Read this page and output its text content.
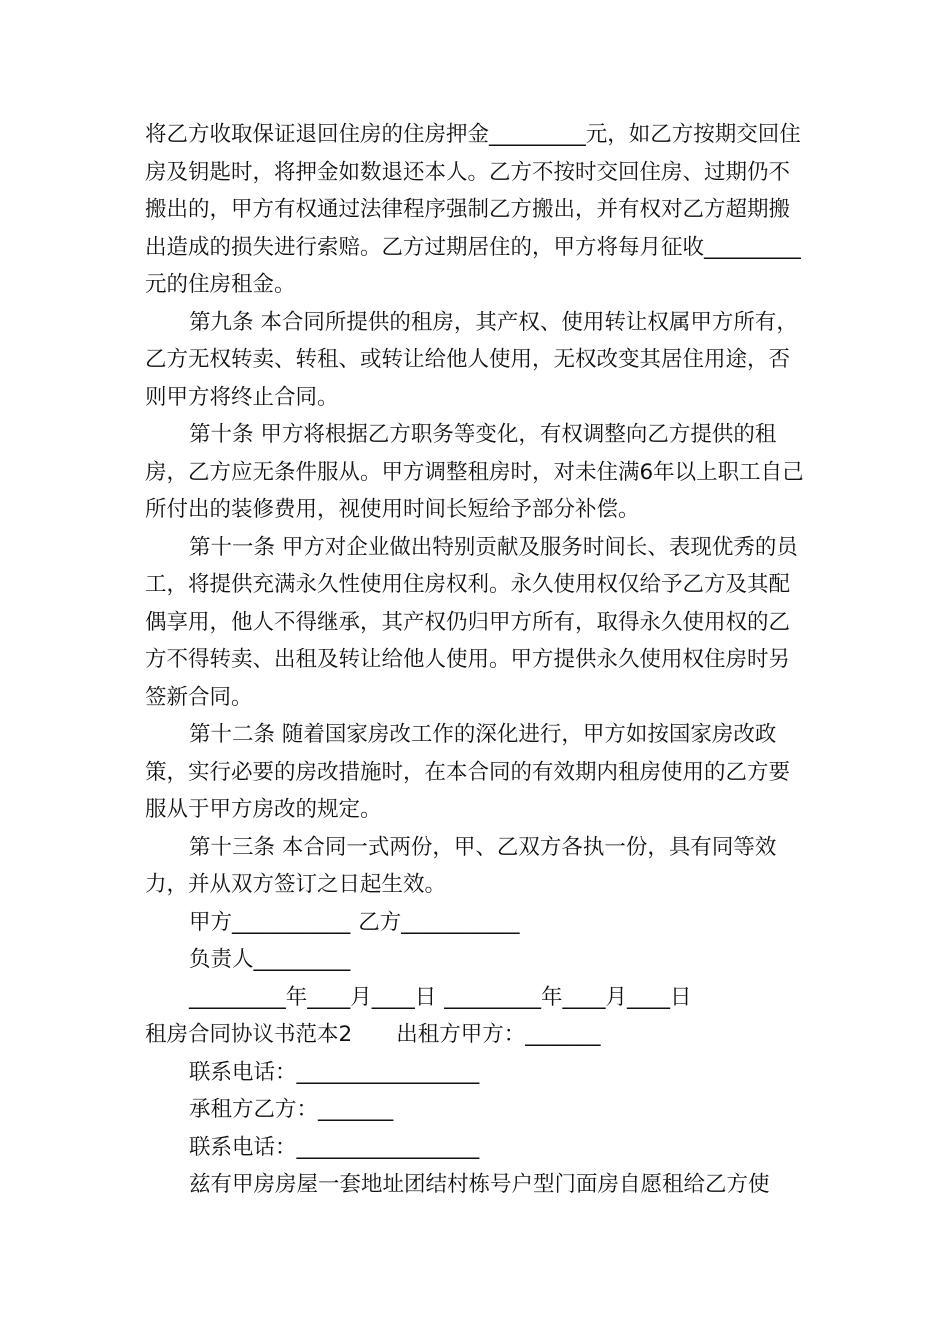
将乙方收取保证退回住房的住房押金_________元，如乙方按期交回住房及钥匙时，将押金如数退还本人。乙方不按时交回住房、过期仍不搬出的，甲方有权通过法律程序强制乙方搬出，并有权对乙方超期搬出造成的损失进行索赔。乙方过期居住的，甲方将每月征收_________元的住房租金。

第九条 本合同所提供的租房，其产权、使用转让权属甲方所有，乙方无权转卖、转租、或转让给他人使用，无权改变其居住用途，否则甲方将终止合同。

第十条 甲方将根据乙方职务等变化，有权调整向乙方提供的租房，乙方应无条件服从。甲方调整租房时，对未住满6年以上职工自己所付出的装修费用，视使用时间长短给予部分补偿。

第十一条 甲方对企业做出特别贡献及服务时间长、表现优秀的员工，将提供充满永久性使用住房权利。永久使用权仅给予乙方及其配偶享用，他人不得继承，其产权仍归甲方所有，取得永久使用权的乙方不得转卖、出租及转让给他人使用。甲方提供永久使用权住房时另签新合同。

第十二条 随着国家房改工作的深化进行，甲方如按国家房改政策，实行必要的房改措施时，在本合同的有效期内租房使用的乙方要服从于甲方房改的规定。

第十三条 本合同一式两份，甲、乙双方各执一份，具有同等效力，并从双方签订之日起生效。

甲方___________ 乙方___________

负责人_________

_________年____月____日 _________年____月____日

租房合同协议书范本2 出租方甲方：_______

联系电话：_________________

承租方乙方：_______

联系电话：_________________

兹有甲房房屋一套地址团结村栋号户型门面房自愿租给乙方使
